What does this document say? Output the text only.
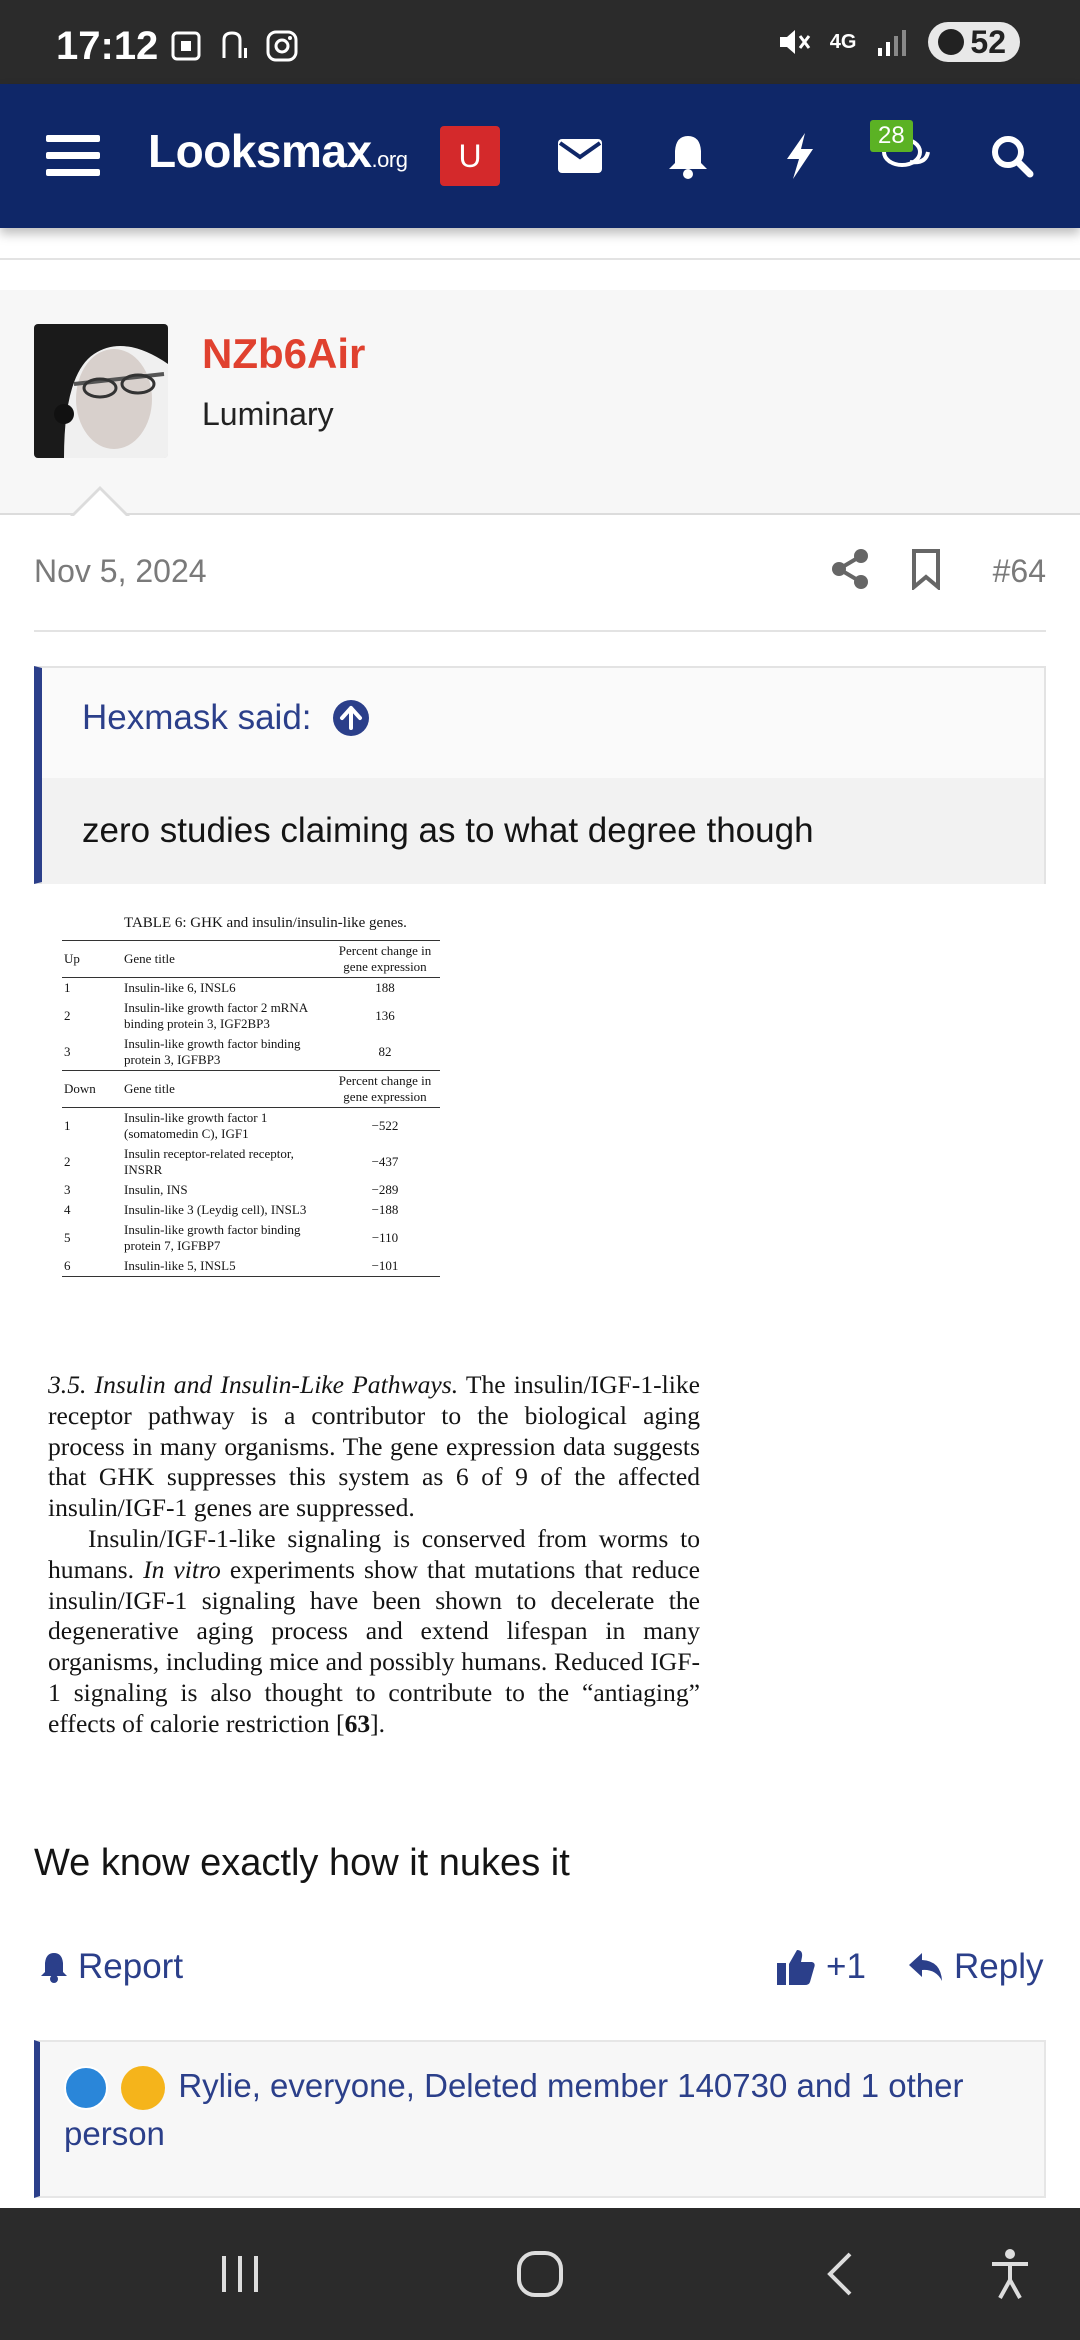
17:12	4G	52
Looksmax.org	U
28
NZb6Air
Luminary
Nov 5, 2024	#64
Hexmask said:
zero studies claiming as to what degree though
TABLE 6: GHK and insulin/insulin-like genes.
Up	Gene title	Percent change in gene expression
1	Insulin-like 6, INSL6	188
2	Insulin-like growth factor 2 mRNA binding protein 3, IGF2BP3	136
3	Insulin-like growth factor binding protein 3, IGFBP3	82
Down	Gene title	Percent change in gene expression
1	Insulin-like growth factor 1 (somatomedin C), IGF1	−522
2	Insulin receptor-related receptor, INSRR	−437
3	Insulin, INS	−289
4	Insulin-like 3 (Leydig cell), INSL3	−188
5	Insulin-like growth factor binding protein 7, IGFBP7	−110
6	Insulin-like 5, INSL5	−101

3.5. Insulin and Insulin-Like Pathways. The insulin/IGF-1-like receptor pathway is a contributor to the biological aging process in many organisms. The gene expression data suggests that GHK suppresses this system as 6 of 9 of the affected insulin/IGF-1 genes are suppressed.

Insulin/IGF-1-like signaling is conserved from worms to humans. In vitro experiments show that mutations that reduce insulin/IGF-1 signaling have been shown to decelerate the degenerative aging process and extend lifespan in many organisms, including mice and possibly humans. Reduced IGF-1 signaling is also thought to contribute to the “antiaging” effects of calorie restriction [63].

We know exactly how it nukes it
Report	+1	Reply
Rylie, everyone, Deleted member 140730 and 1 other person
